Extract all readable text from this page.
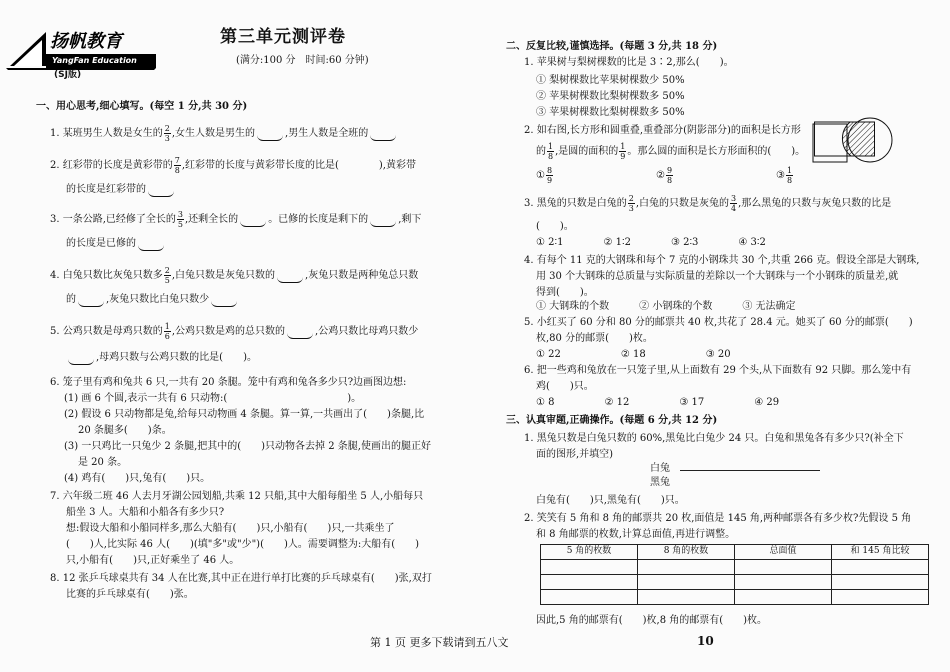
扬帆教育
YangFan Education
(SJ版)
第三单元测评卷
(满分:100 分　时间:60 分钟)
一、用心思考,细心填写。(每空 1 分,共 30 分)
1. 某班男生人数是女生的 $\frac{2}{3}$ ,女生人数是男生的	,男生人数是全班的
2. 红彩带的长度是黄彩带的 $\frac{7}{8}$ ,红彩带的长度与黄彩带长度的比是(　　　　),黄彩带
的长度是红彩带的
3. 一条公路,已经修了全长的 $\frac{3}{5}$ ,还剩全长的	。已修的长度是剩下的	,剩下
的长度是已修的
4. 白兔只数比灰兔只数多 $\frac{2}{5}$ ,白兔只数是灰兔只数的	,灰兔只数是两种兔总只数
的	,灰兔只数比白兔只数少
5. 公鸡只数是母鸡只数的 $\frac{1}{6}$ ,公鸡只数是鸡的总只数的	,公鸡只数比母鸡只数少
,母鸡只数与公鸡只数的比是(　　)。
6. 笼子里有鸡和兔共 6 只,一共有 20 条腿。笼中有鸡和兔各多少只?边画图边想:
(1) 画 6 个圆,表示一共有 6 只动物:(　　　　　　　　　　　　)。
(2) 假设 6 只动物都是兔,给每只动物画 4 条腿。算一算,一共画出了(　　)条腿,比
20 条腿多(　　)条。
(3) 一只鸡比一只兔少 2 条腿,把其中的(　　)只动物各去掉 2 条腿,使画出的腿正好
是 20 条。
(4) 鸡有(　　)只,兔有(　　)只。
7. 六年级二班 46 人去月牙湖公园划船,共乘 12 只船,其中大船每船坐 5 人,小船每只
船坐 3 人。大船和小船各有多少只?
想:假设大船和小船同样多,那么大船有(　　)只,小船有(　　)只,一共乘坐了
(　　)人,比实际 46 人(　　)(填"多"或"少")(　　)人。需要调整为:大船有(　　)
只,小船有(　　)只,正好乘坐了 46 人。
8. 12 张乒乓球桌共有 34 人在比赛,其中正在进行单打比赛的乒乓球桌有(　　)张,双打
比赛的乒乓球桌有(　　)张。
二、反复比较,谨慎选择。(每题 3 分,共 18 分)
1. 苹果树与梨树棵数的比是 3∶2,那么(　　)。
① 梨树棵数比苹果树棵数少 50%
② 苹果树棵数比梨树棵数多 50%
③ 苹果树棵数比梨树棵数多 50%
2. 如右图,长方形和圆重叠,重叠部分(阴影部分)的面积是长方形
的 $\frac{1}{8}$ ,是圆的面积的 $\frac{1}{9}$ 。那么圆的面积是长方形面积的(　　)。
① $\frac{8}{9}$	② $\frac{9}{8}$	③ $\frac{1}{8}$
3. 黑兔的只数是白兔的 $\frac{2}{3}$ ,白兔的只数是灰兔的 $\frac{3}{4}$ ,那么黑兔的只数与灰兔只数的比是
(　　)。
① 2∶1　　　　② 1∶2　　　　③ 2∶3　　　　④ 3∶2
4. 有每个 11 克的大钢珠和每个 7 克的小钢珠共 30 个,共重 266 克。假设全部是大钢珠,
用 30 个大钢珠的总质量与实际质量的差除以一个大钢珠与一个小钢珠的质量差,就
得到(　　)。
① 大钢珠的个数　　　② 小钢珠的个数　　　③ 无法确定
5. 小红买了 60 分和 80 分的邮票共 40 枚,共花了 28.4 元。她买了 60 分的邮票(　　)
枚,80 分的邮票(　　)枚。
① 22　　　　　　② 18　　　　　　③ 20
6. 把一些鸡和兔放在一只笼子里,从上面数有 29 个头,从下面数有 92 只脚。那么笼中有
鸡(　　)只。
① 8　　　　　② 12　　　　　③ 17　　　　　④ 29
三、认真审题,正确操作。(每题 6 分,共 12 分)
1. 黑兔只数是白兔只数的 60%,黑兔比白兔少 24 只。白兔和黑兔各有多少只?(补全下
面的图形,并填空)
白兔
黑兔
白兔有(　　)只,黑兔有(　　)只。
2. 笑笑有 5 角和 8 角的邮票共 20 枚,面值是 145 角,两种邮票各有多少枚?先假设 5 角
和 8 角邮票的枚数,计算总面值,再进行调整。
5 角的枚数	8 角的枚数	总面值	和 145 角比较

因此,5 角的邮票有(　　)枚,8 角的邮票有(　　)枚。
第 1 页 更多下载请到五八文	10
